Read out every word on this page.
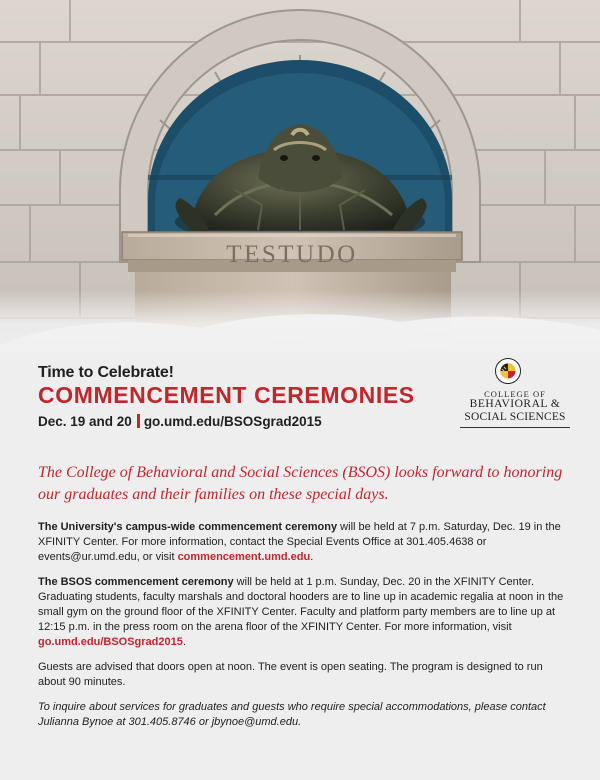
TESTUDO
Time to Celebrate!
COMMENCEMENT CEREMONIES
Dec. 19 and 20 go.umd.edu/BSOSgrad2015
COLLEGE OF
BEHAVIORAL &
SOCIAL SCIENCES
The College of Behavioral and Social Sciences (BSOS) looks forward to honoring our graduates and their families on these special days.

The University's campus-wide commencement ceremony will be held at 7 p.m. Saturday, Dec. 19 in the XFINITY Center. For more information, contact the Special Events Office at 301.405.4638 or events@ur.umd.edu, or visit commencement.umd.edu.

The BSOS commencement ceremony will be held at 1 p.m. Sunday, Dec. 20 in the XFINITY Center. Graduating students, faculty marshals and doctoral hooders are to line up in academic regalia at noon in the small gym on the ground floor of the XFINITY Center. Faculty and platform party members are to line up at 12:15 p.m. in the press room on the arena floor of the XFINITY Center. For more information, visit go.umd.edu/BSOSgrad2015.

Guests are advised that doors open at noon. The event is open seating. The program is designed to run about 90 minutes.

To inquire about services for graduates and guests who require special accommodations, please contact Julianna Bynoe at 301.405.8746 or jbynoe@umd.edu.
